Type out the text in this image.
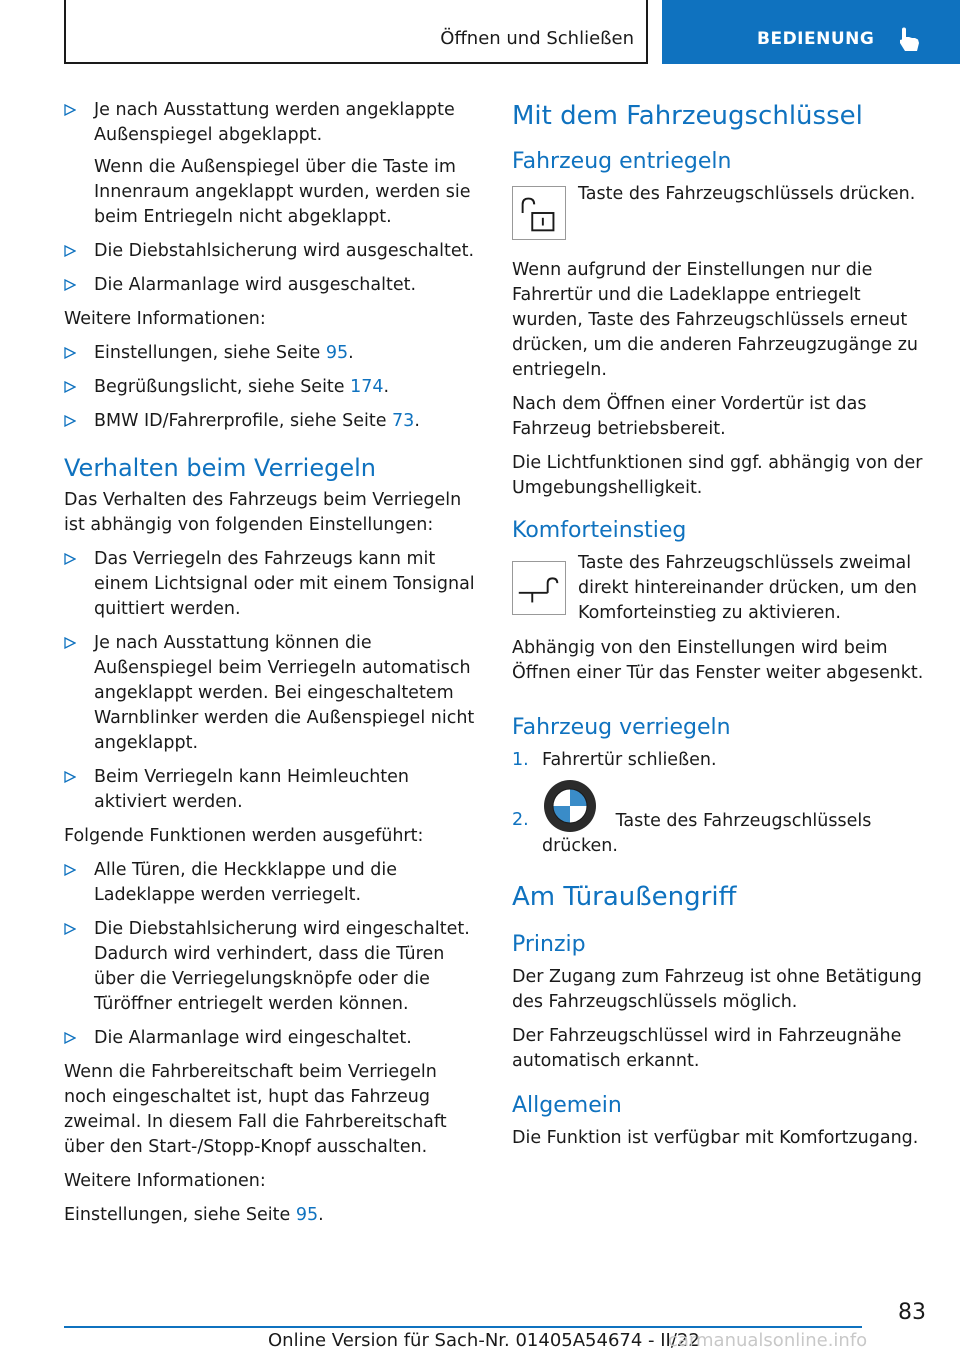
Öffnen und Schließen	BEDIENUNG
Je nach Ausstattung werden angeklappte Außenspiegel abgeklappt.

Wenn die Außenspiegel über die Taste im Innenraum angeklappt wurden, werden sie beim Entriegeln nicht abgeklappt.

Die Diebstahlsicherung wird ausgeschaltet.
Die Alarmanlage wird ausgeschaltet.

Weitere Informationen:

Einstellungen, siehe Seite 95.
Begrüßungslicht, siehe Seite 174.
BMW ID/Fahrerprofile, siehe Seite 73.
Verhalten beim Verriegeln

Das Verhalten des Fahrzeugs beim Verriegeln ist abhängig von folgenden Einstellungen:

Das Verriegeln des Fahrzeugs kann mit einem Lichtsignal oder mit einem Tonsignal quittiert werden.
Je nach Ausstattung können die Außenspiegel beim Verriegeln automatisch angeklappt werden. Bei eingeschaltetem Warnblinker werden die Außenspiegel nicht angeklappt.
Beim Verriegeln kann Heimleuchten aktiviert werden.

Folgende Funktionen werden ausgeführt:

Alle Türen, die Heckklappe und die Ladeklappe werden verriegelt.
Die Diebstahlsicherung wird eingeschaltet. Dadurch wird verhindert, dass die Türen über die Verriegelungsknöpfe oder die Türöffner entriegelt werden können.
Die Alarmanlage wird eingeschaltet.

Wenn die Fahrbereitschaft beim Verriegeln noch eingeschaltet ist, hupt das Fahrzeug zweimal. In diesem Fall die Fahrbereitschaft über den Start-/Stopp-Knopf ausschalten.

Weitere Informationen:

Einstellungen, siehe Seite 95.

Mit dem Fahrzeugschlüssel
Fahrzeug entriegeln
Taste des Fahrzeugschlüssels drücken.

Wenn aufgrund der Einstellungen nur die Fahrertür und die Ladeklappe entriegelt wurden, Taste des Fahrzeugschlüssels erneut drücken, um die anderen Fahrzeugzugänge zu entriegeln.

Nach dem Öffnen einer Vordertür ist das Fahrzeug betriebsbereit.

Die Lichtfunktionen sind ggf. abhängig von der Umgebungshelligkeit.

Komforteinstieg
Taste des Fahrzeugschlüssels zweimal direkt hintereinander drücken, um den Komforteinstieg zu aktivieren.

Abhängig von den Einstellungen wird beim Öffnen einer Tür das Fenster weiter abgesenkt.

Fahrzeug verriegeln
1. Fahrertür schließen.
2.	Taste des Fahrzeugschlüssels drücken.
Am Türaußengriff
Prinzip

Der Zugang zum Fahrzeug ist ohne Betätigung des Fahrzeugschlüssels möglich.

Der Fahrzeugschlüssel wird in Fahrzeugnähe automatisch erkannt.

Allgemein

Die Funktion ist verfügbar mit Komfortzugang.

83
Online Version für Sach-Nr. 01405A54674 - II/22
carmanualsonline.info
